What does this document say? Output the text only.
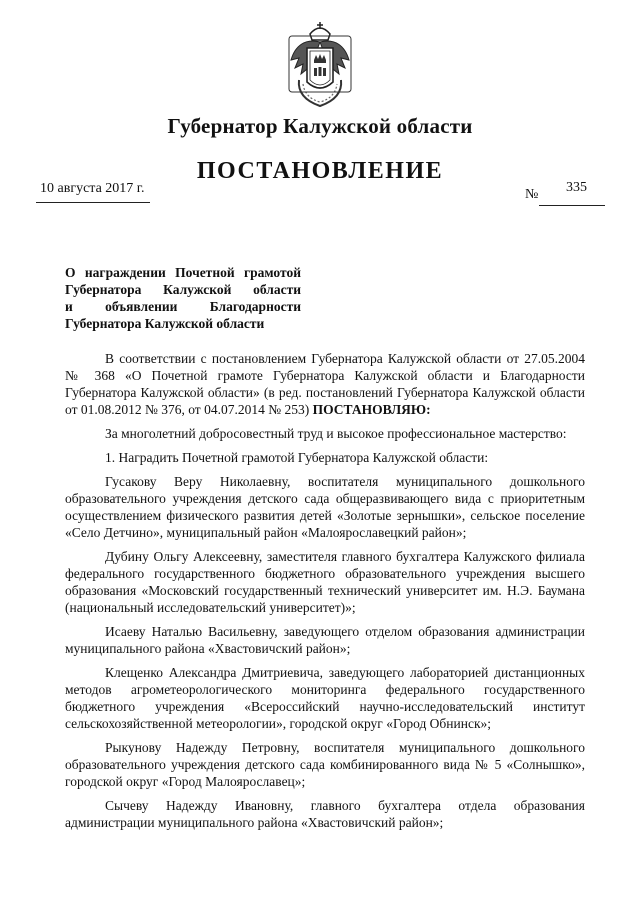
Губернатор Калужской области
ПОСТАНОВЛЕНИЕ
10 августа 2017 г.	№ 335
О награждении Почетной грамотой
Губернатора Калужской области
и объявлении Благодарности
Губернатора Калужской области

В соответствии с постановлением Губернатора Калужской области от 27.05.2004 № 368 «О Почетной грамоте Губернатора Калужской области и Благодарности Губернатора Калужской области» (в ред. постановлений Губернатора Калужской области от 01.08.2012 № 376, от 04.07.2014 № 253) ПОСТАНОВЛЯЮ:

За многолетний добросовестный труд и высокое профессиональное мастерство:

1. Наградить Почетной грамотой Губернатора Калужской области:

Гусакову Веру Николаевну, воспитателя муниципального дошкольного образовательного учреждения детского сада общеразвивающего вида с приоритетным осуществлением физического развития детей «Золотые зернышки», сельское поселение «Село Детчино», муниципальный район «Малоярославецкий район»;

Дубину Ольгу Алексеевну, заместителя главного бухгалтера Калужского филиала федерального государственного бюджетного образовательного учреждения высшего образования «Московский государственный технический университет им. Н.Э. Баумана (национальный исследовательский университет)»;

Исаеву Наталью Васильевну, заведующего отделом образования администрации муниципального района «Хвастовичский район»;

Клещенко Александра Дмитриевича, заведующего лабораторией дистанционных методов агрометеорологического мониторинга федерального государственного бюджетного учреждения «Всероссийский научно-исследовательский институт сельскохозяйственной метеорологии», городской округ «Город Обнинск»;

Рыкунову Надежду Петровну, воспитателя муниципального дошкольного образовательного учреждения детского сада комбинированного вида № 5 «Солнышко», городской округ «Город Малоярославец»;

Сычеву Надежду Ивановну, главного бухгалтера отдела образования администрации муниципального района «Хвастовичский район»;
